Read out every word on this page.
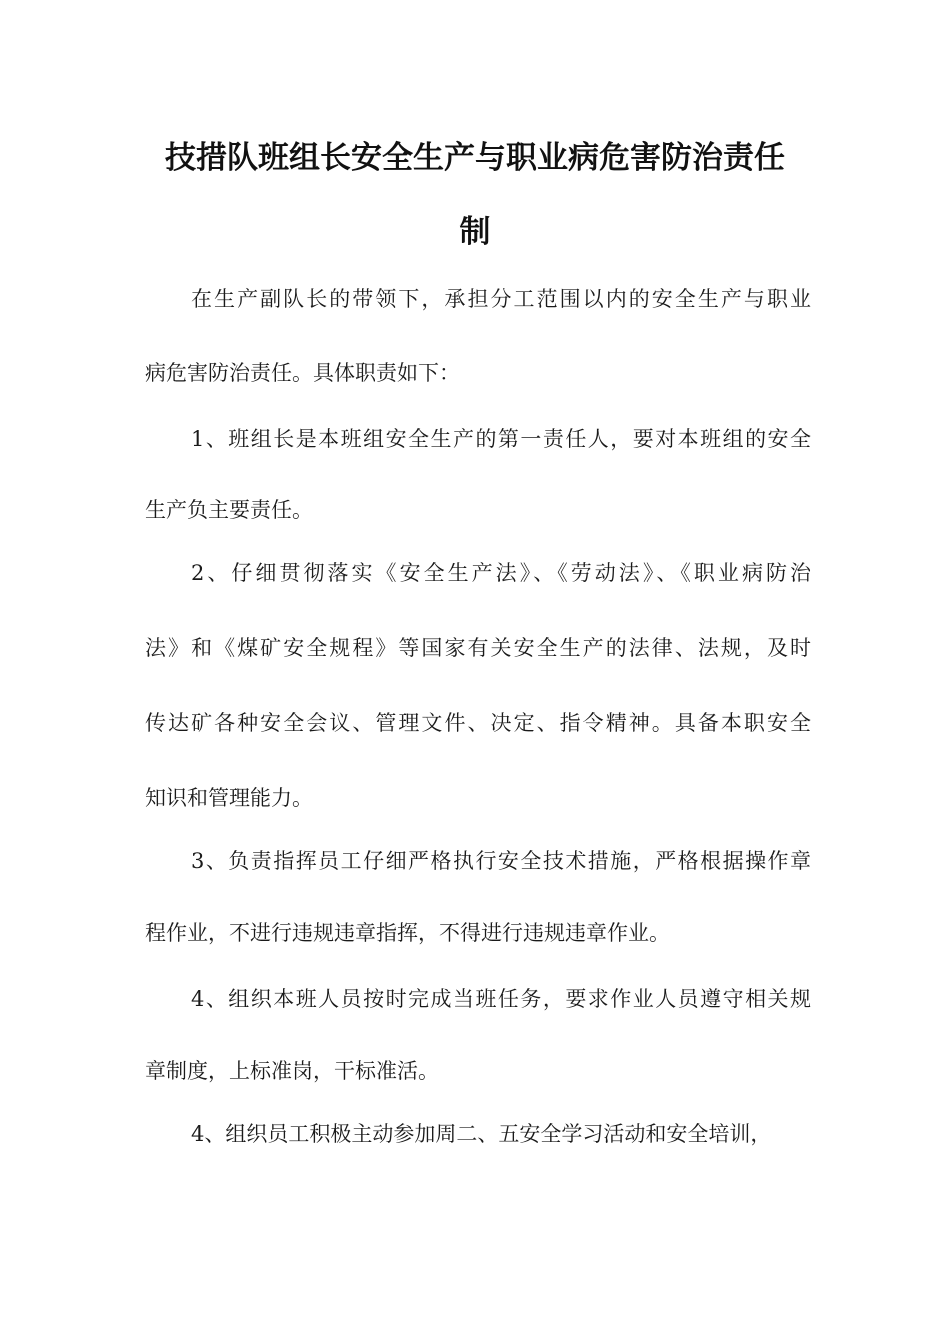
技措队班组长安全生产与职业病危害防治责任
制
在生产副队长的带领下，承担分工范围以内的安全生产与职业
病危害防治责任。具体职责如下：
1、班组长是本班组安全生产的第一责任人，要对本班组的安全
生产负主要责任。
2、仔细贯彻落实《安全生产法》、《劳动法》、《职业病防治
法》和《煤矿安全规程》等国家有关安全生产的法律、法规，及时
传达矿各种安全会议、管理文件、决定、指令精神。具备本职安全
知识和管理能力。
3、负责指挥员工仔细严格执行安全技术措施，严格根据操作章
程作业，不进行违规违章指挥，不得进行违规违章作业。
4、组织本班人员按时完成当班任务，要求作业人员遵守相关规
章制度，上标准岗，干标准活。
4、组织员工积极主动参加周二、五安全学习活动和安全培训，
